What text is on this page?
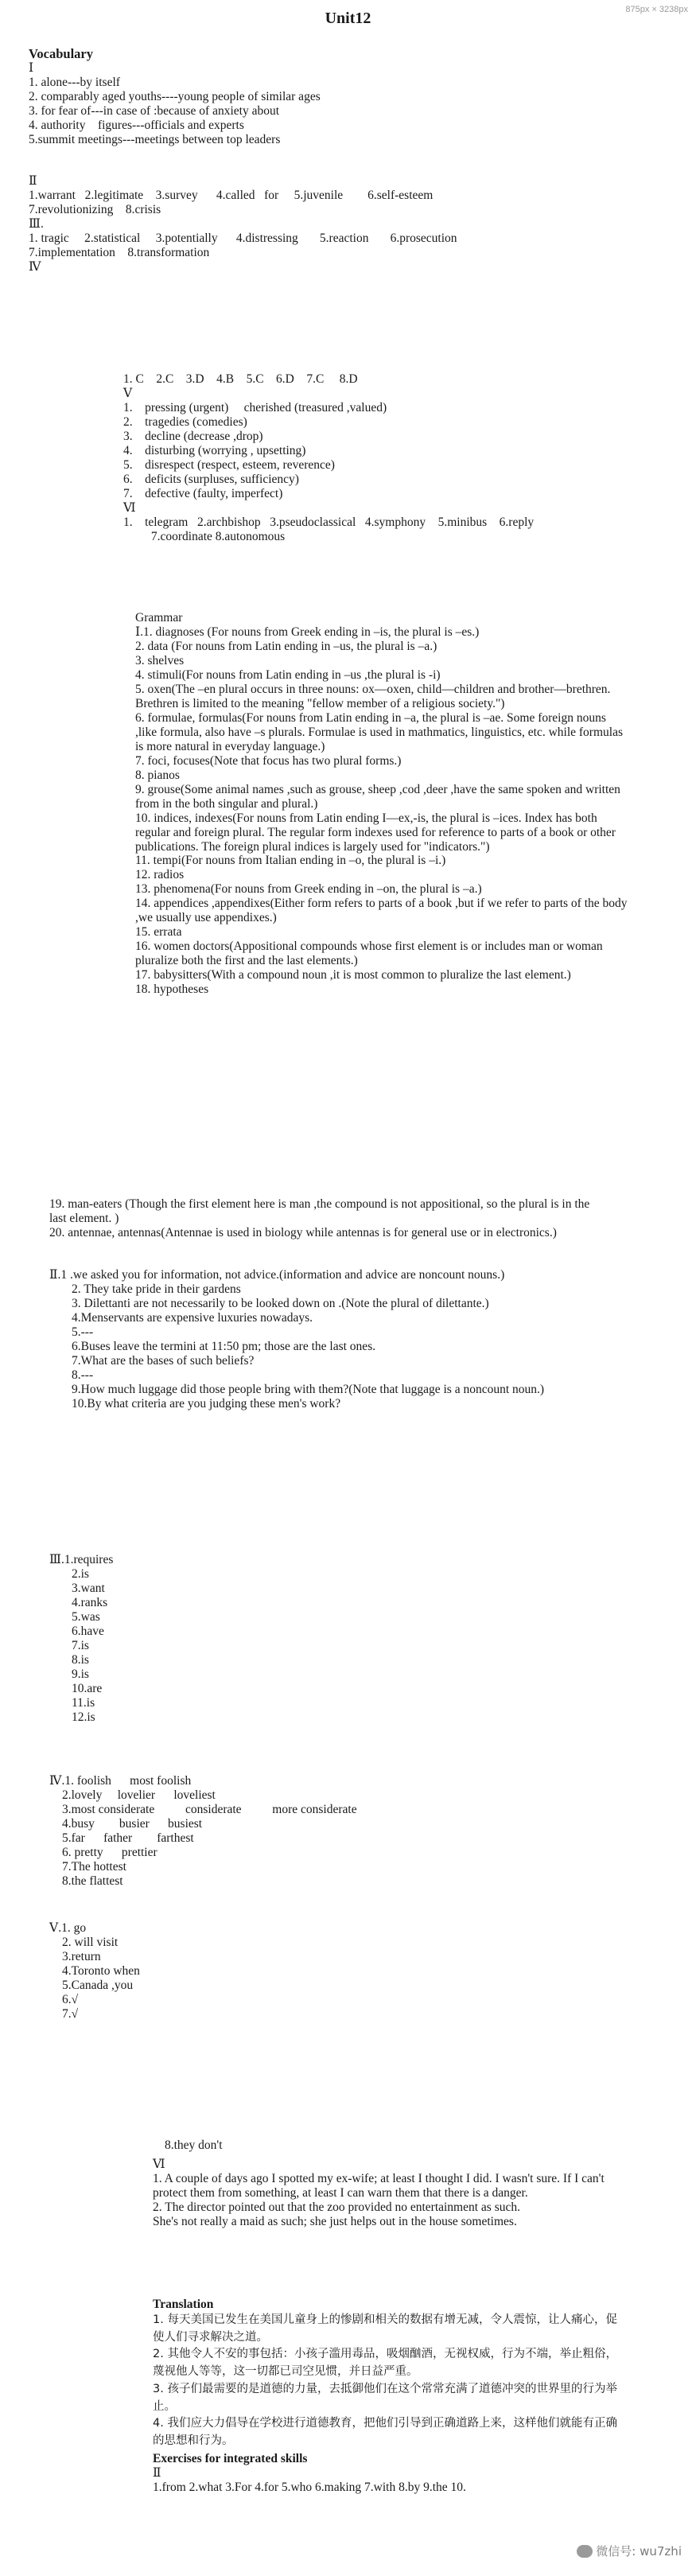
875px × 3238px
Unit12
Vocabulary
Ⅰ
1. alone---by itself
2. comparably aged youths----young people of similar ages
3. for fear of---in case of :because of anxiety about
4. authority    figures---officials and experts
5.summit meetings---meetings between top leaders
Ⅱ
1.warrant   2.legitimate    3.survey      4.called   for     5.juvenile        6.self-esteem
7.revolutionizing    8.crisis
Ⅲ.
1. tragic     2.statistical     3.potentially      4.distressing       5.reaction       6.prosecution
7.implementation    8.transformation
Ⅳ
1. C    2.C    3.D    4.B    5.C    6.D    7.C     8.D
Ⅴ
1.    pressing (urgent)     cherished (treasured ,valued)
2.    tragedies (comedies)
3.    decline (decrease ,drop)
4.    disturbing (worrying , upsetting)
5.    disrespect (respect, esteem, reverence)
6.    deficits (surpluses, sufficiency)
7.    defective (faulty, imperfect)
Ⅵ
1.    telegram   2.archbishop   3.pseudoclassical   4.symphony    5.minibus    6.reply
7.coordinate 8.autonomous
Grammar
Ⅰ.1. diagnoses (For nouns from Greek ending in –is, the plural is –es.)
2. data (For nouns from Latin ending in –us, the plural is –a.)
3. shelves
4. stimuli(For nouns from Latin ending in –us ,the plural is -i)
5. oxen(The –en plural occurs in three nouns: ox—oxen, child—children and brother—brethren. Brethren is limited to the meaning "fellow member of a religious society.")
6. formulae, formulas(For nouns from Latin ending in –a, the plural is –ae. Some foreign nouns ,like formula, also have –s plurals. Formulae is used in mathmatics, linguistics, etc. while formulas is more natural in everyday language.)
7. foci, focuses(Note that focus has two plural forms.)
8. pianos
9. grouse(Some animal names ,such as grouse, sheep ,cod ,deer ,have the same spoken and written from in the both singular and plural.)
10. indices, indexes(For nouns from Latin ending I—ex,-is, the plural is –ices. Index has both regular and foreign plural. The regular form indexes used for reference to parts of a book or other publications. The foreign plural indices is largely used for "indicators.")
11. tempi(For nouns from Italian ending in –o, the plural is –i.)
12. radios
13. phenomena(For nouns from Greek ending in –on, the plural is –a.)
14. appendices ,appendixes(Either form refers to parts of a book ,but if we refer to parts of the body ,we usually use appendixes.)
15. errata
16. women doctors(Appositional compounds whose first element is or includes man or woman pluralize both the first and the last elements.)
17. babysitters(With a compound noun ,it is most common to pluralize the last element.)
18. hypotheses
19. man-eaters (Though the first element here is man ,the compound is not appositional, so the plural is in the last element. )
20. antennae, antennas(Antennae is used in biology while antennas is for general use or in electronics.)
Ⅱ.1 .we asked you for information, not advice.(information and advice are noncount nouns.)
2. They take pride in their gardens
3. Dilettanti are not necessarily to be looked down on .(Note the plural of dilettante.)
4.Menservants are expensive luxuries nowadays.
5.---
6.Buses leave the termini at 11:50 pm; those are the last ones.
7.What are the bases of such beliefs?
8.---
9.How much luggage did those people bring with them?(Note that luggage is a noncount noun.)
10.By what criteria are you judging these men's work?
Ⅲ.1.requires
2.is
3.want
4.ranks
5.was
6.have
7.is
8.is
9.is
10.are
11.is
12.is
Ⅳ.1. foolish      most foolish
2.lovely     lovelier      loveliest
3.most considerate          considerate          more considerate
4.busy        busier      busiest
5.far      father        farthest
6. pretty      prettier
7.The hottest
8.the flattest
Ⅴ.1. go
2. will visit
3.return
4.Toronto when
5.Canada ,you
6.√
7.√
8.they don't
Ⅵ
1. A couple of days ago I spotted my ex-wife; at least I thought I did. I wasn't sure. If I can't protect them from something, at least I can warn them that there is a danger.
2. The director pointed out that the zoo provided no entertainment as such.
She's not really a maid as such; she just helps out in the house sometimes.
Translation
1. 每天美国已发生在美国儿童身上的惨剧和相关的数据有增无减，令人震惊，让人痛心，促使人们寻求解决之道。
2. 其他令人不安的事包括：小孩子滥用毒品，吸烟酗酒，无视权威，行为不端，举止粗俗，蔑视他人等等，这一切都已司空见惯，并日益严重。
3. 孩子们最需要的是道德的力量，去抵御他们在这个常常充满了道德冲突的世界里的行为举止。
4. 我们应大力倡导在学校进行道德教育，把他们引导到正确道路上来，这样他们就能有正确的思想和行为。
Exercises for integrated skills
Ⅱ
1.from 2.what 3.For 4.for 5.who 6.making 7.with 8.by 9.the 10.
微信号: wu7zhi
